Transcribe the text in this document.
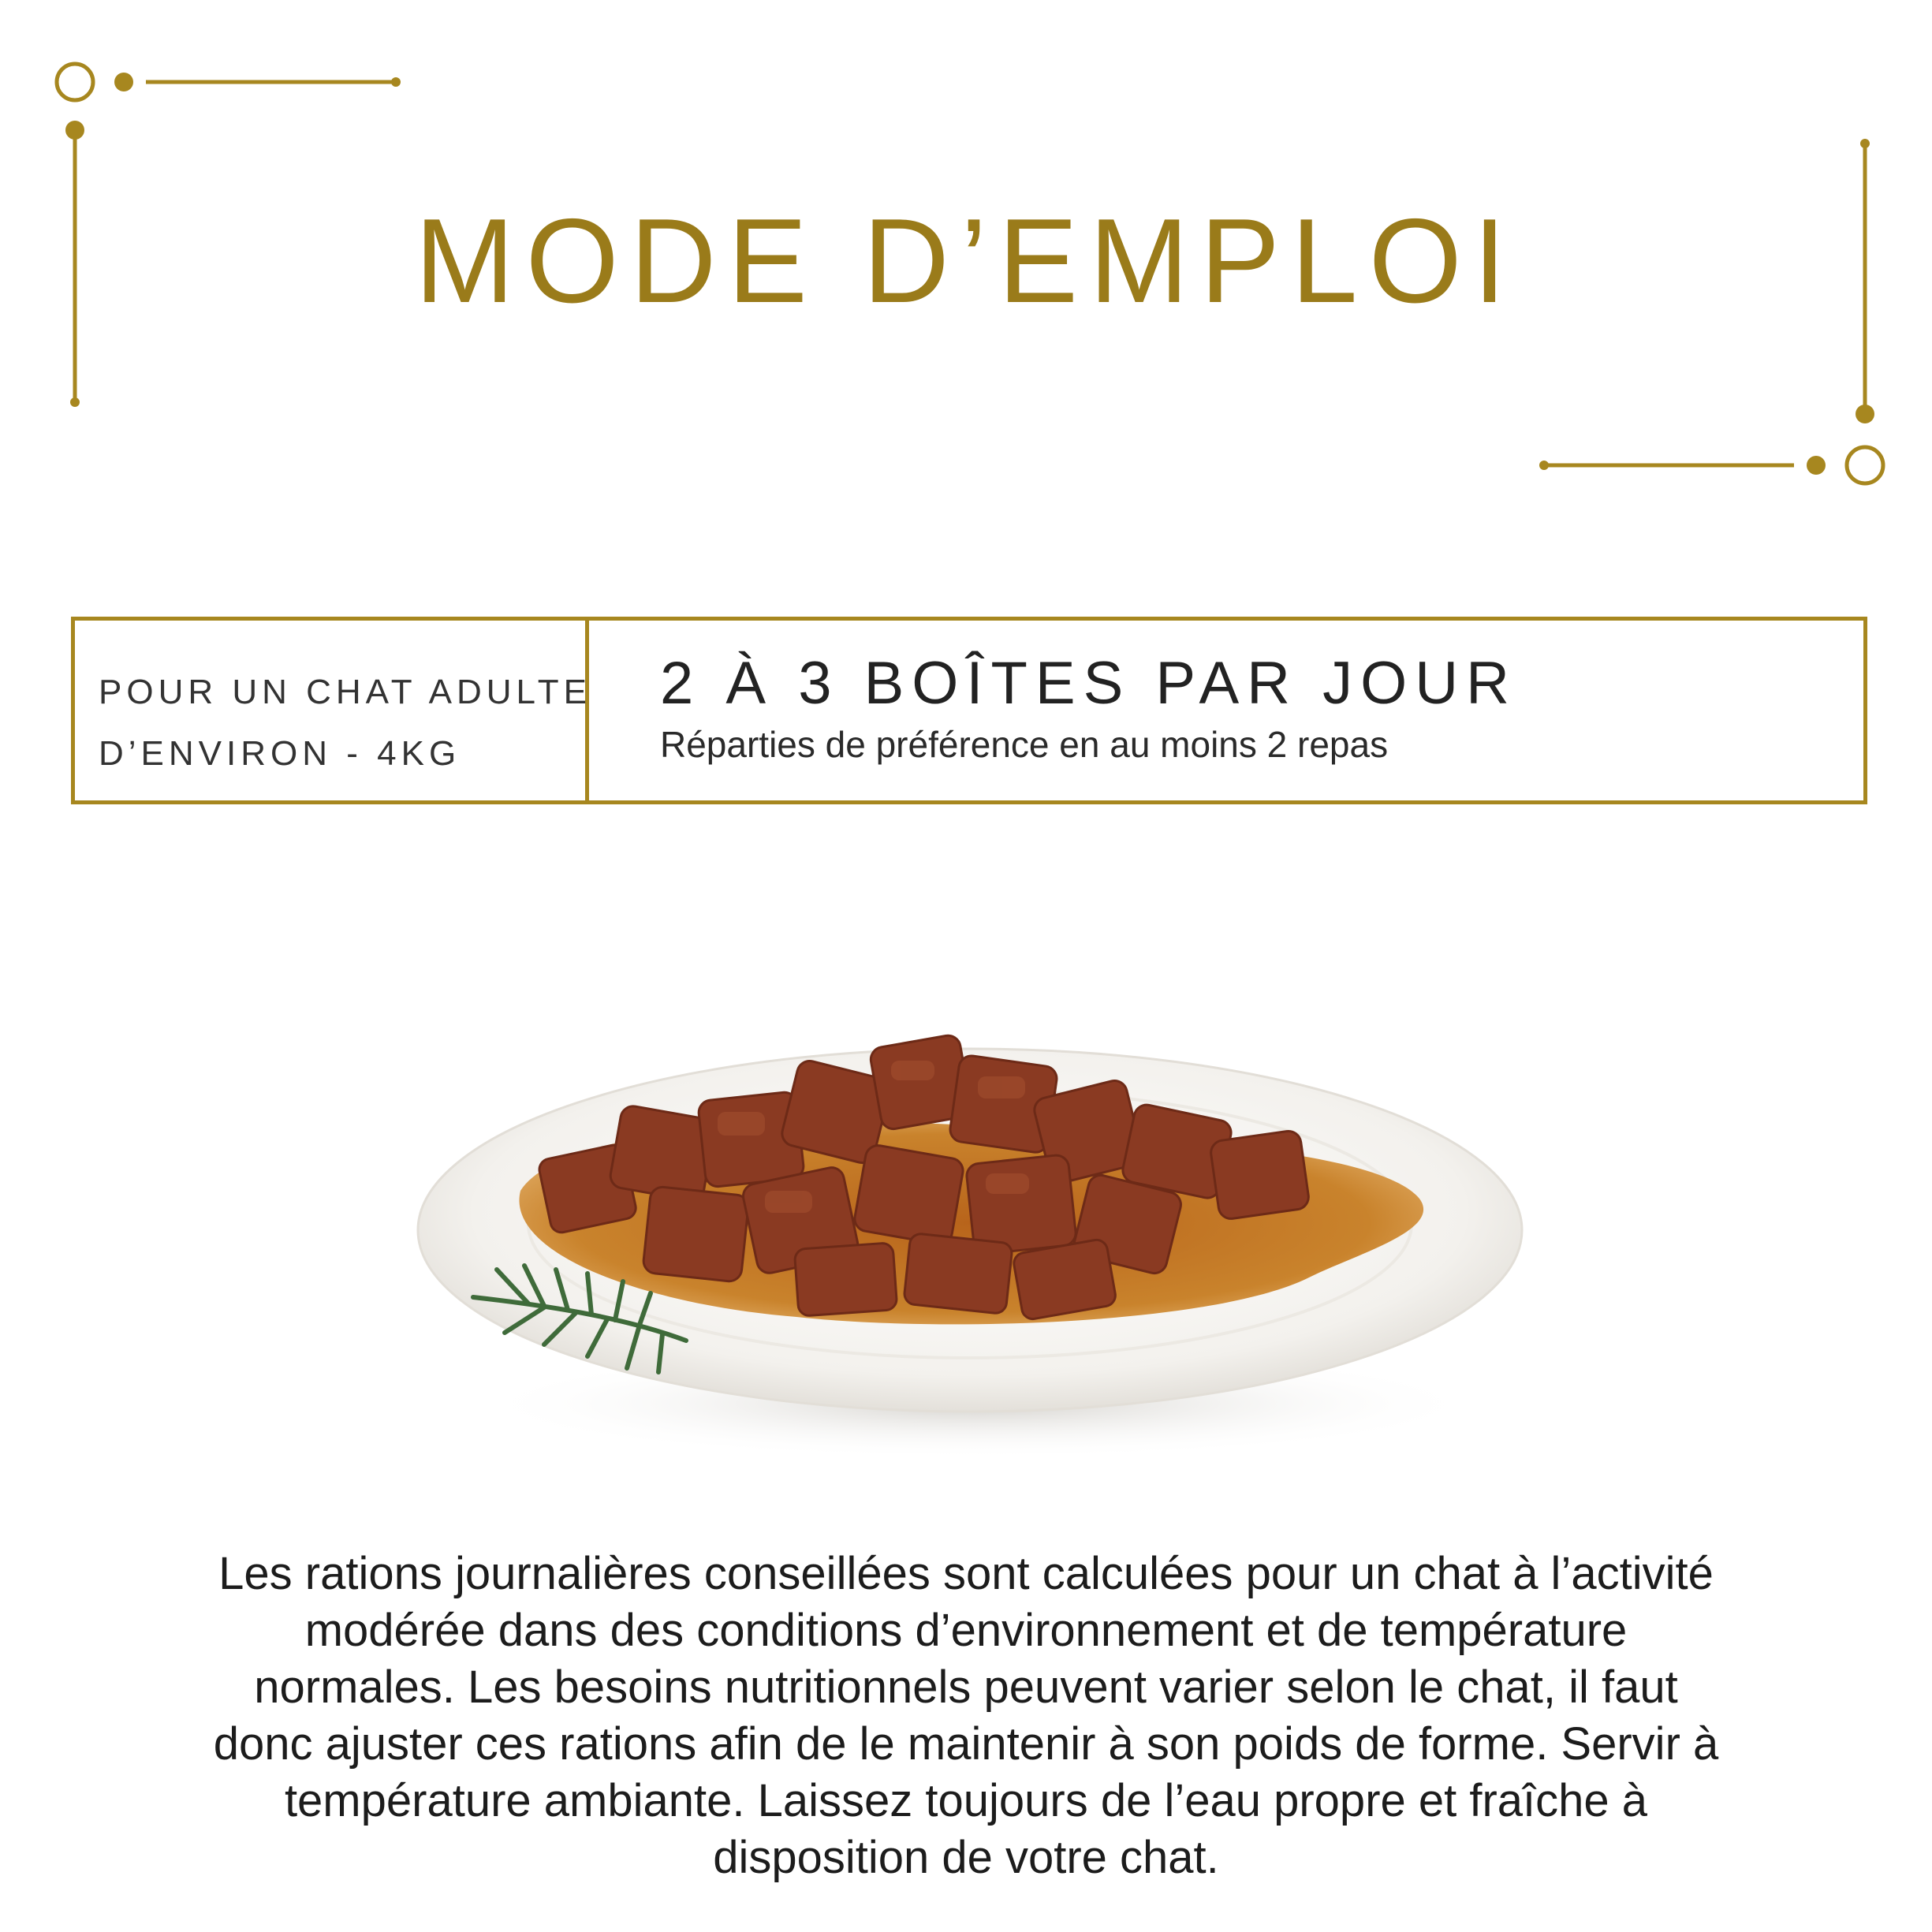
MODE D’EMPLOI
POUR UN CHAT ADULTE
D’ENVIRON - 4KG
2 À 3 BOÎTES PAR JOUR
Réparties de préférence en au moins 2 repas
Les rations journalières conseillées sont calculées pour un chat à l’activité modérée dans des conditions d’environnement et de température normales. Les besoins nutritionnels peuvent varier selon le chat, il faut donc ajuster ces rations afin de le maintenir à son poids de forme. Servir à température ambiante. Laissez toujours de l’eau propre et fraîche à disposition de votre chat.
